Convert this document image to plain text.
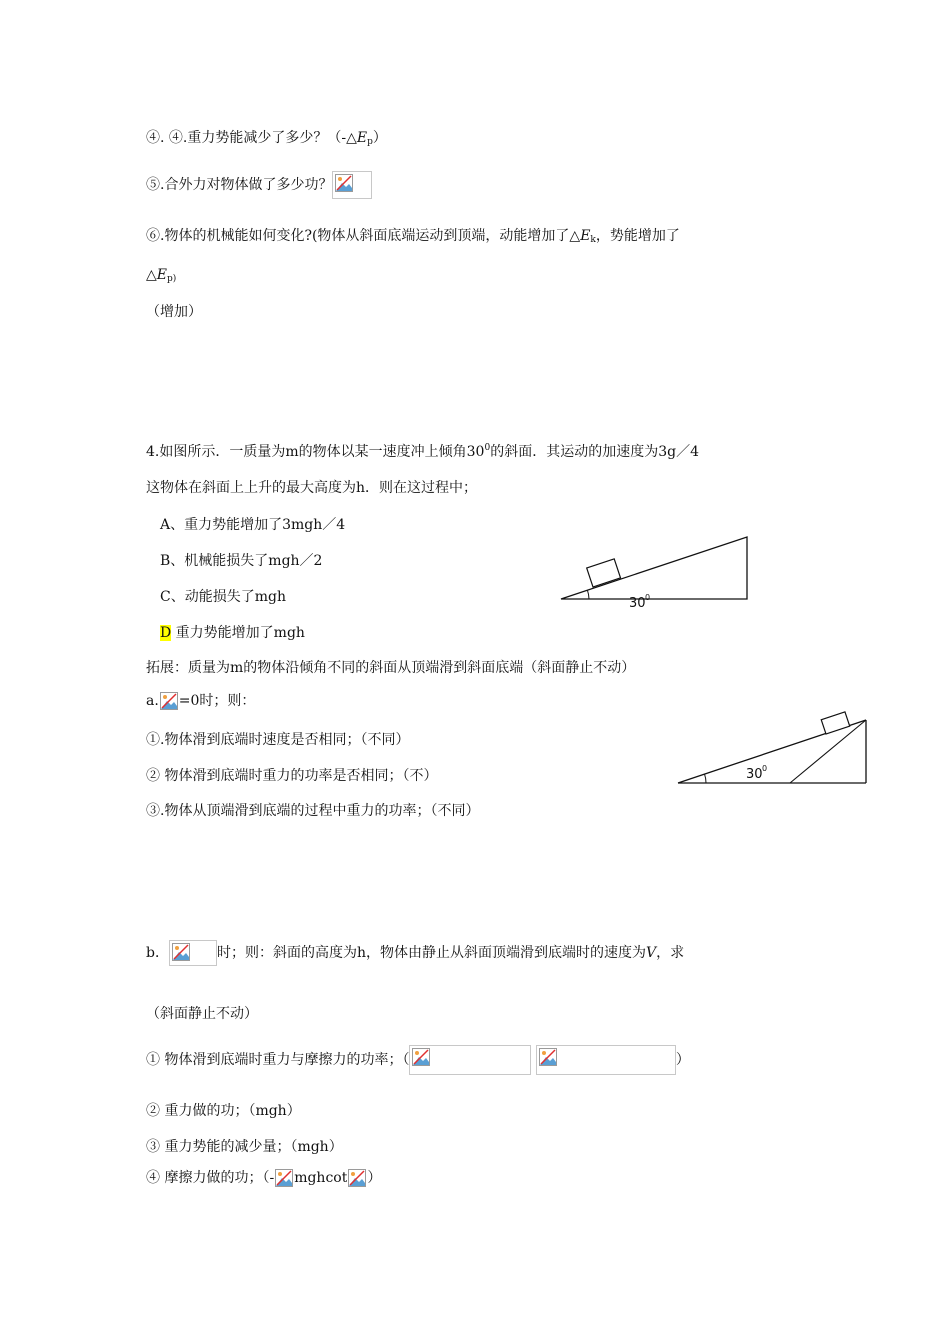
④. ④.重力势能减少了多少？$(-\triangle E_p)$
⑤.合外力对物体做了多少功？
⑥.物体的机械能如何变化?(物体从斜面底端运动到顶端，动能增加了$\triangle E_k$，势能增加了
$\triangle E_{p)}$
（增加）
4.如图所示．一质量为m的物体以某一速度冲上倾角$30^0$的斜面．其运动的加速度为3g／4
这物体在斜面上上升的最大高度为h．则在这过程中；
A、重力势能增加了3mgh／4
B、机械能损失了mgh／2
C、动能损失了mgh
D 重力势能增加了mgh
30 0
拓展：质量为m的物体沿倾角不同的斜面从顶端滑到斜面底端（斜面静止不动）
a. =0时；则：
①.物体滑到底端时速度是否相同；（不同）
② 物体滑到底端时重力的功率是否相同；（不）
③.物体从顶端滑到底端的过程中重力的功率；（不同）
30 0
b．	时；则：斜面的高度为h，物体由静止从斜面顶端滑到底端时的速度为V，求
（斜面静止不动）
① 物体滑到底端时重力与摩擦力的功率；（
	）
② 重力做的功；（mgh）
③ 重力势能的减少量；（mgh）
④ 摩擦力做的功；（- mghcot ）
